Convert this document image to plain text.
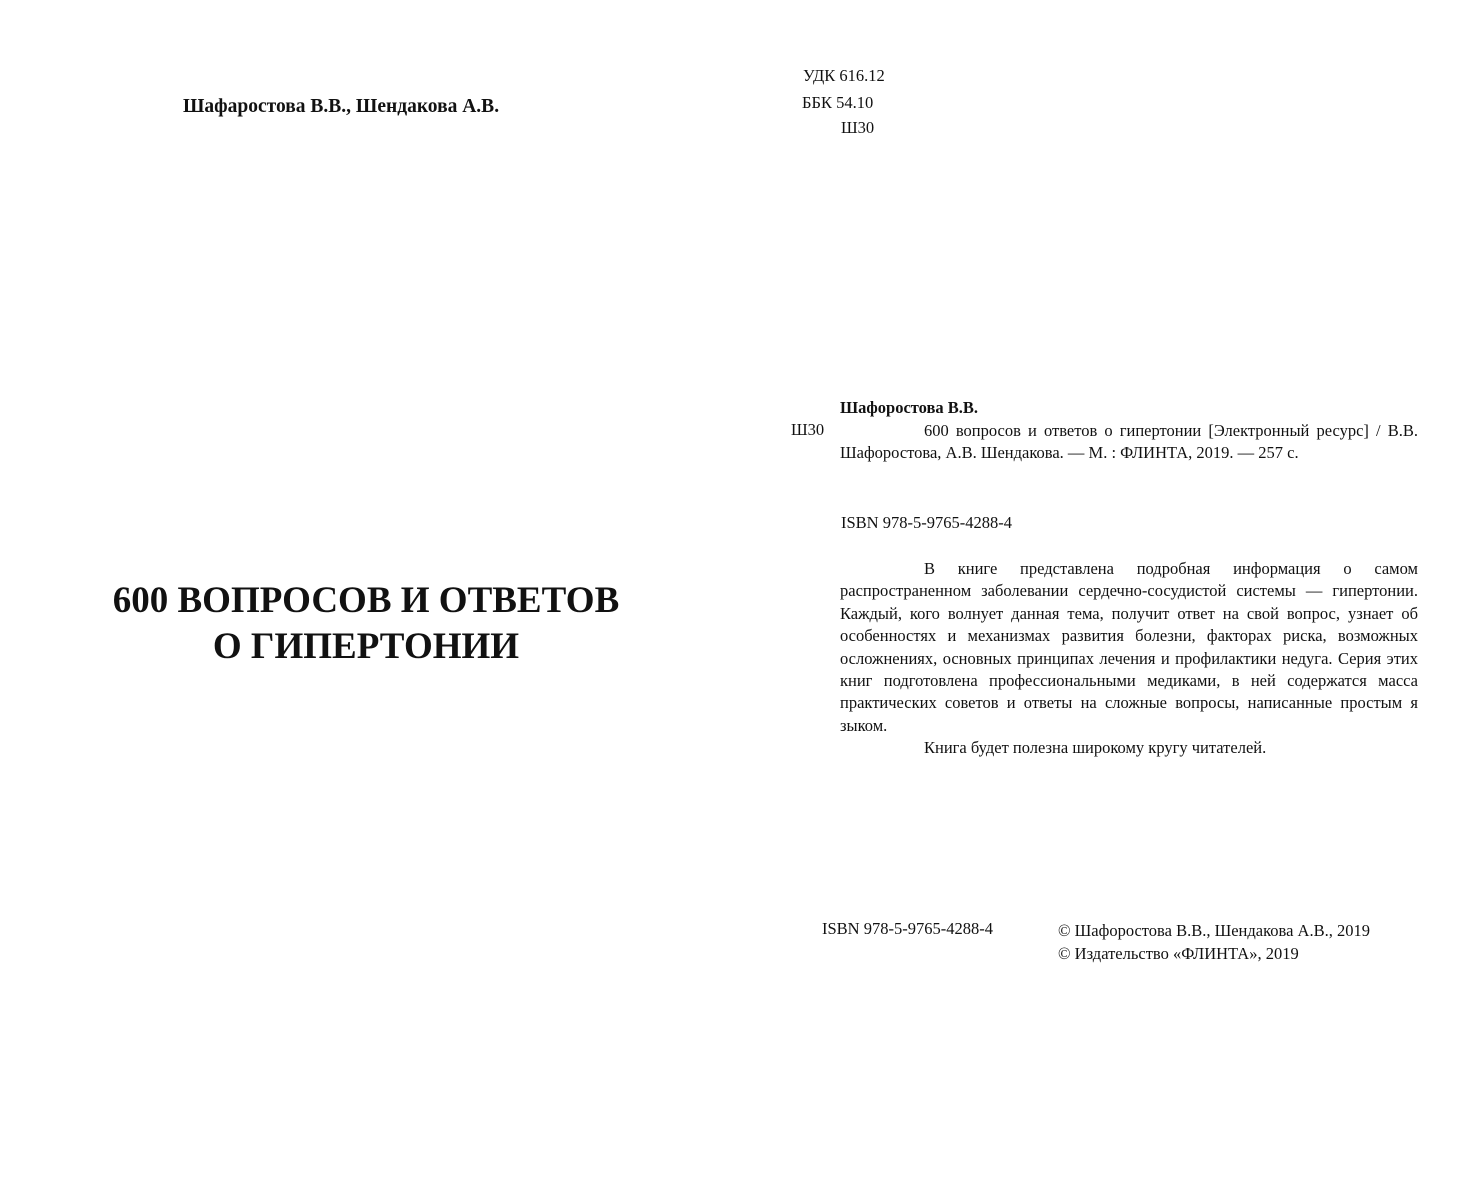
Шафаростова В.В., Шендакова А.В.
600 ВОПРОСОВ И ОТВЕТОВ
О ГИПЕРТОНИИ
УДК 616.12
ББК 54.10
Ш30
Шафоростова В.В.
Ш30	600 вопросов и ответов о гипертонии [Электронный ресурс] / В.В. Шафоростова, А.В. Шендакова. — М. : ФЛИНТА, 2019. — 257 с.
ISBN 978-5-9765-4288-4

В книге представлена подробная информация о самом распространенном заболевании сердечно-сосудистой системы — гипертонии. Каждый, кого волнует данная тема, получит ответ на свой вопрос, узнает об особенностях и механизмах развития болезни, факторах риска, возможных осложнениях, основных принципах лечения и профилактики недуга. Серия этих книг подготовлена профессиональными медиками, в ней содержатся масса практических советов и ответы на сложные вопросы, написанные простым я зыком.

Книга будет полезна широкому кругу читателей.

ISBN 978-5-9765-4288-4	© Шафоростова В.В., Шендакова А.В., 2019
© Издательство «ФЛИНТА», 2019
